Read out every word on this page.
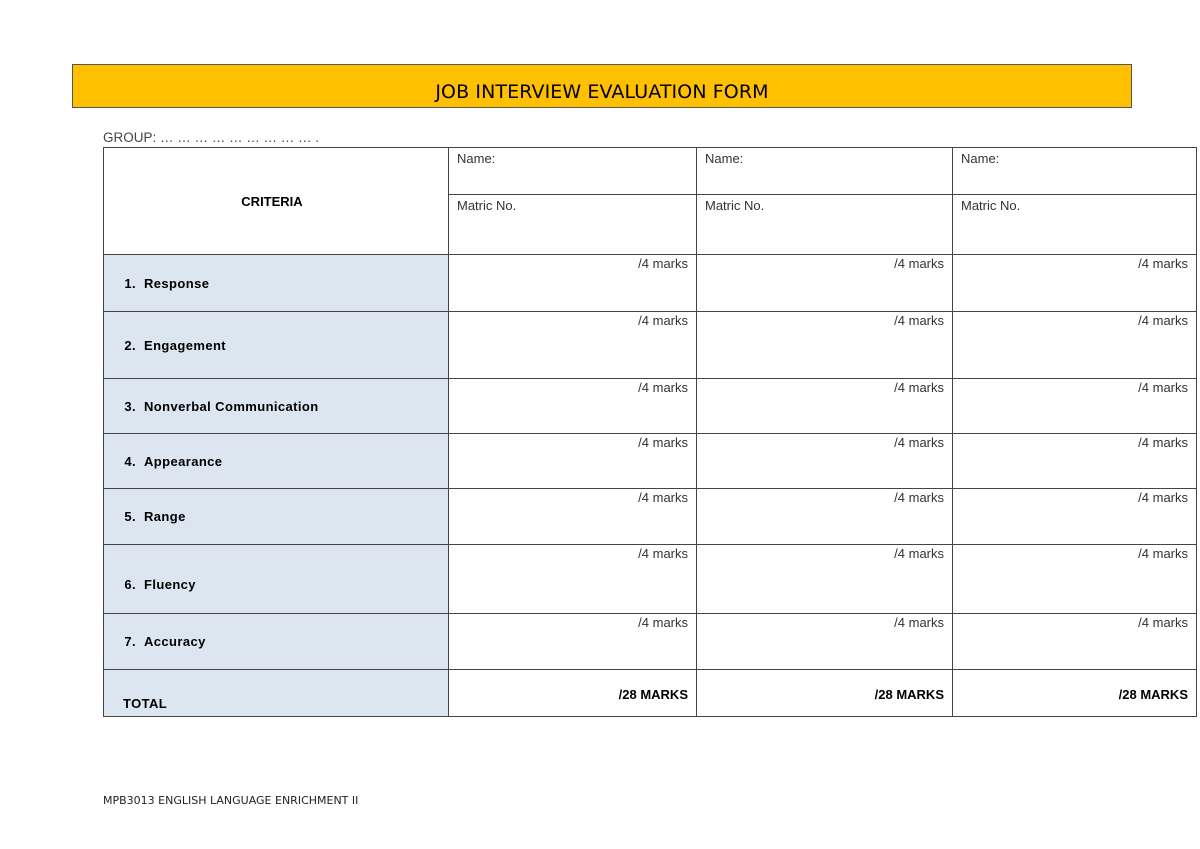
JOB INTERVIEW EVALUATION FORM
GROUP: … … … … … … … … … .
CRITERIA	Name:	Name:	Name:
	Matric No.	Matric No.	Matric No.

1. Response	/4 marks	/4 marks	/4 marks

2. Engagement	/4 marks	/4 marks	/4 marks

3. Nonverbal Communication	/4 marks	/4 marks	/4 marks

4. Appearance	/4 marks	/4 marks	/4 marks

5. Range	/4 marks	/4 marks	/4 marks

6. Fluency	/4 marks	/4 marks	/4 marks

7. Accuracy	/4 marks	/4 marks	/4 marks
TOTAL	/28 MARKS	/28 MARKS	/28 MARKS
MPB3013 ENGLISH LANGUAGE ENRICHMENT II
